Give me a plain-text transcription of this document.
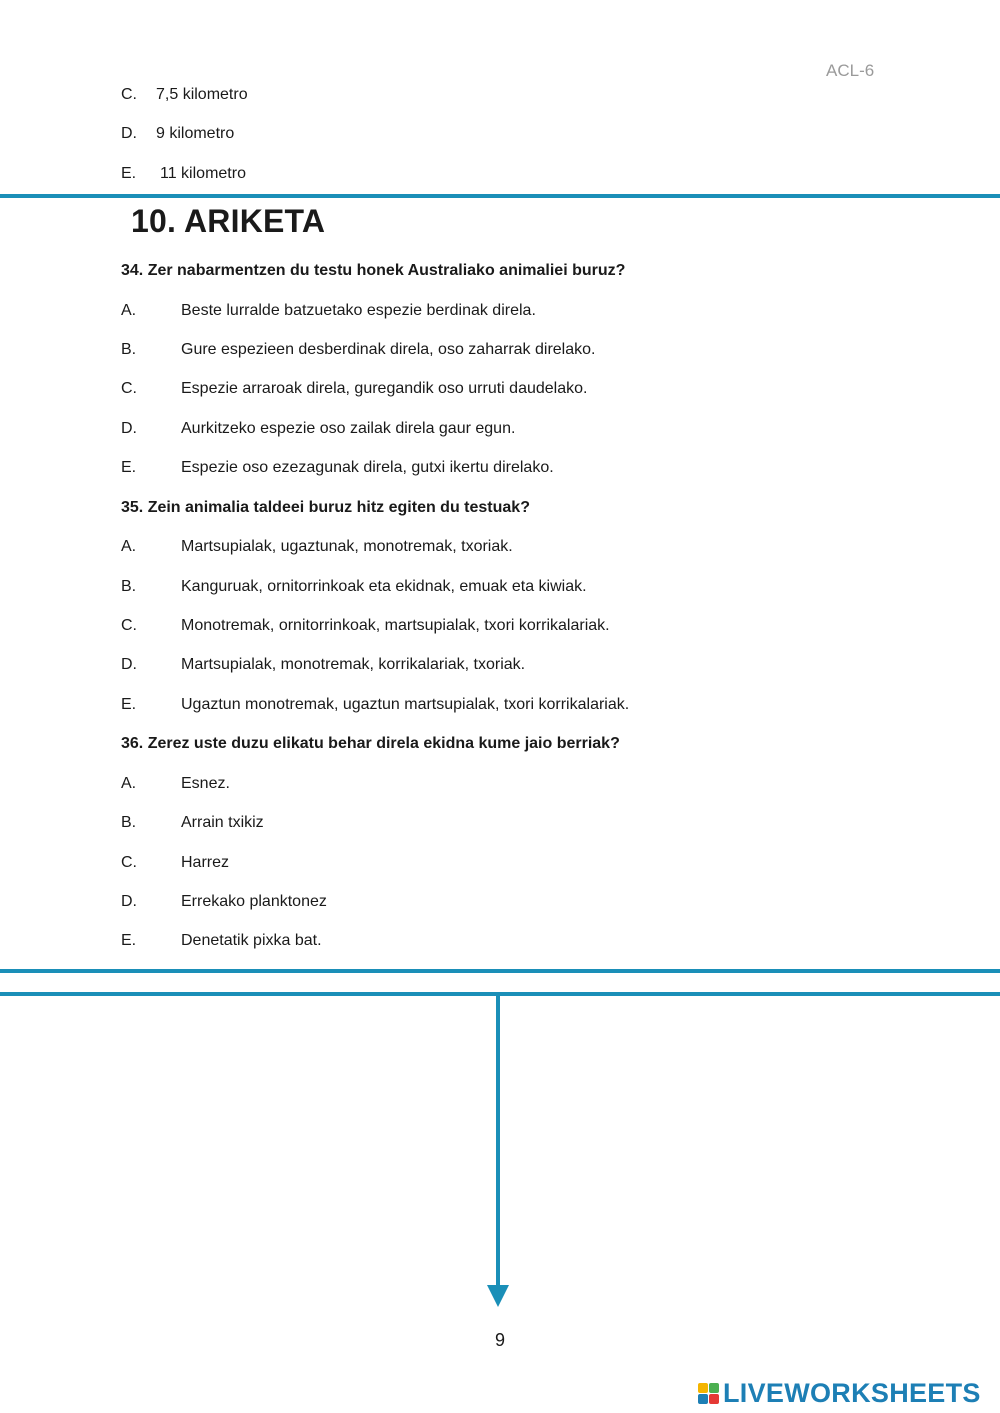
ACL-6
C. 7,5 kilometro
D. 9 kilometro
E. 11 kilometro
10. ARIKETA
34. Zer nabarmentzen du testu honek Australiako animaliei buruz?
A.	Beste lurralde batzuetako espezie berdinak direla.
B.	Gure espezieen desberdinak direla, oso zaharrak direlako.
C.	Espezie arraroak direla, guregandik oso urruti daudelako.
D.	Aurkitzeko espezie oso zailak direla gaur egun.
E.	Espezie oso ezezagunak direla, gutxi ikertu direlako.
35. Zein animalia taldeei buruz hitz egiten du testuak?
A.	Martsupialak, ugaztunak, monotremak, txoriak.
B.	Kanguruak, ornitorrinkoak eta ekidnak, emuak eta kiwiak.
C.	Monotremak, ornitorrinkoak, martsupialak, txori korrikalariak.
D.	Martsupialak, monotremak, korrikalariak, txoriak.
E.	Ugaztun monotremak, ugaztun martsupialak, txori korrikalariak.
36. Zerez uste duzu elikatu behar direla ekidna kume jaio berriak?
A.	Esnez.
B.	Arrain txikiz
C.	Harrez
D.	Errekako planktonez
E.	Denetatik pixka bat.
9
LIVEWORKSHEETS
